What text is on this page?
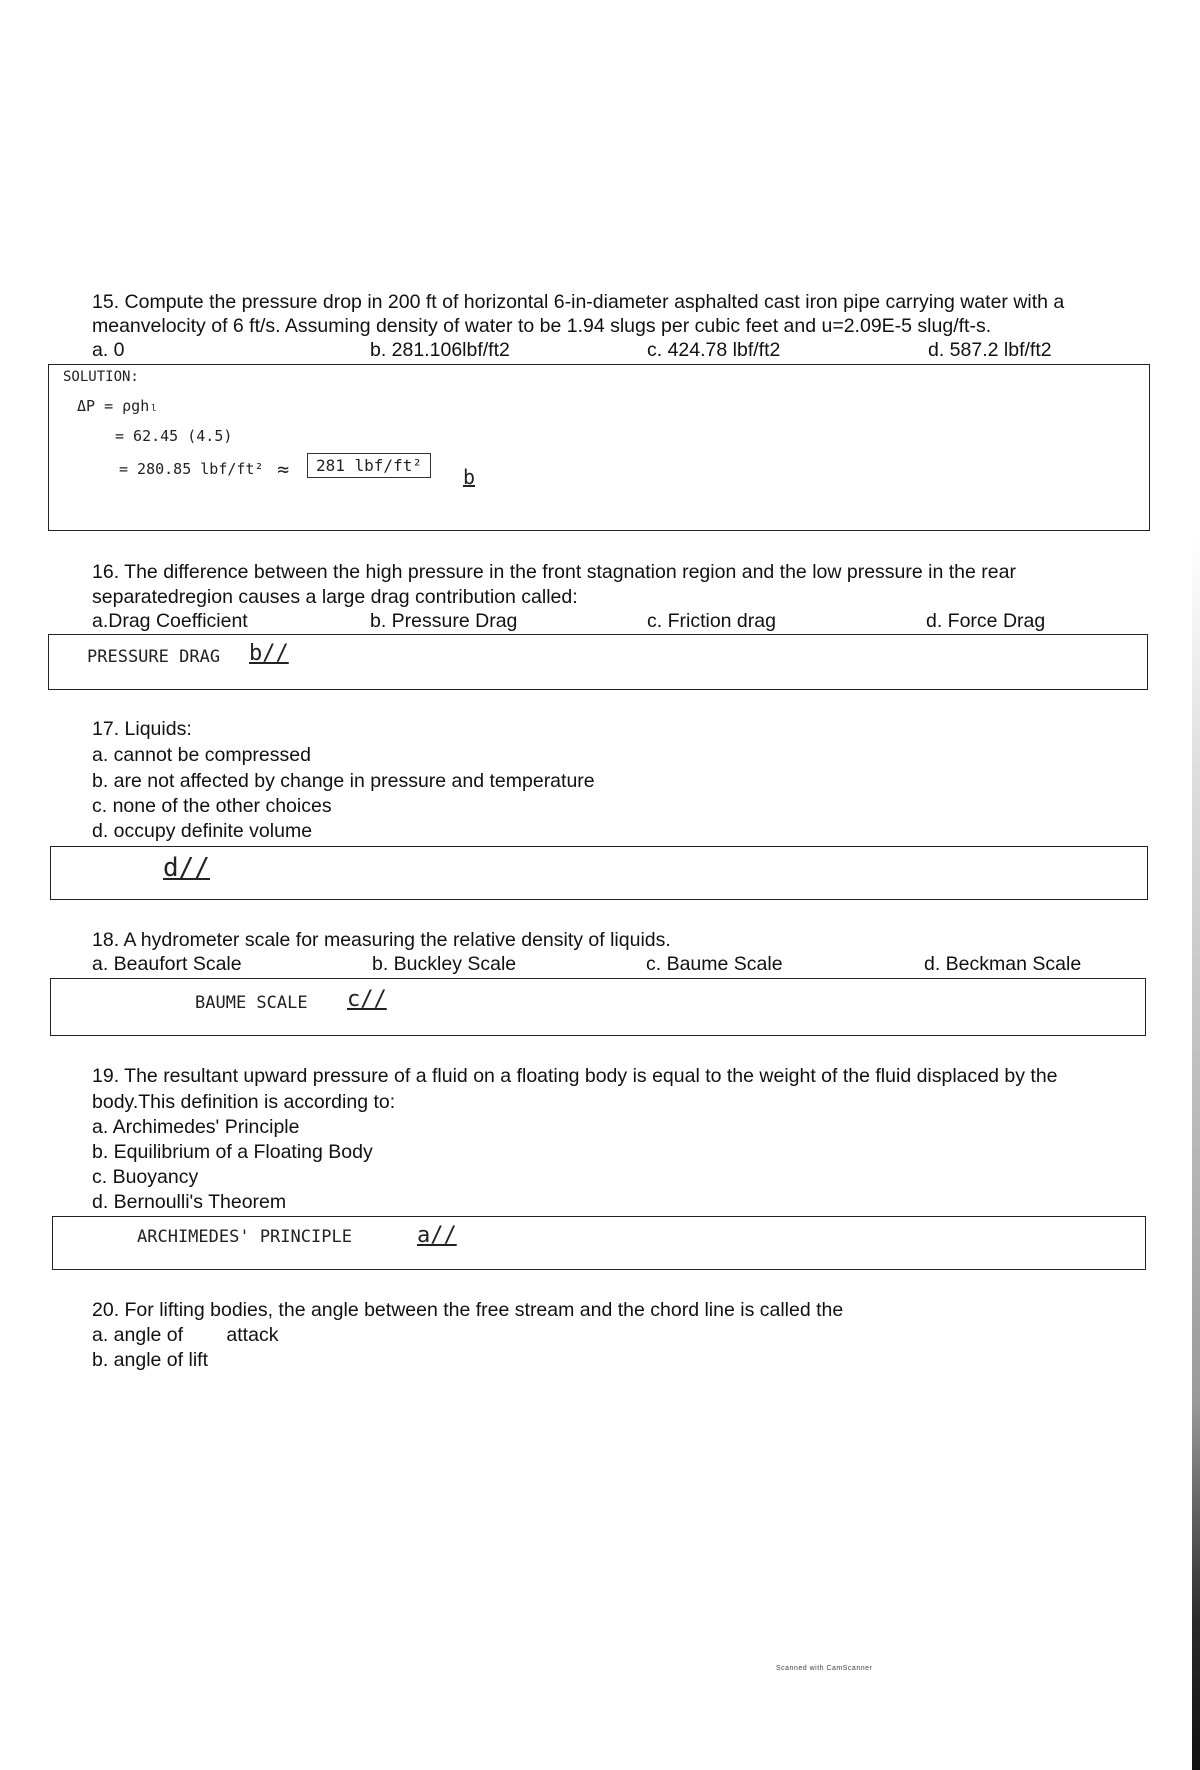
15. Compute the pressure drop in 200 ft of horizontal 6-in-diameter asphalted cast iron pipe carrying water with a
meanvelocity of 6 ft/s. Assuming density of water to be 1.94 slugs per cubic feet and u=2.09E-5 slug/ft-s.
a. 0	b. 281.106lbf/ft2	c. 424.78 lbf/ft2	d. 587.2 lbf/ft2
SOLUTION:
ΔP = ρghₗ
= 62.45 (4.5)
= 280.85 lbf/ft² ≈	281 lbf/ft²	b
16. The difference between the high pressure in the front stagnation region and the low pressure in the rear
separatedregion causes a large drag contribution called:
a.Drag Coefficient	b. Pressure Drag	c. Friction drag	d. Force Drag
PRESSURE DRAG b//
17. Liquids:
a. cannot be compressed
b. are not affected by change in pressure and temperature
c. none of the other choices
d. occupy definite volume
d//
18. A hydrometer scale for measuring the relative density of liquids.
a. Beaufort Scale	b. Buckley Scale	c. Baume Scale	d. Beckman Scale
BAUME SCALE c//
19. The resultant upward pressure of a fluid on a floating body is equal to the weight of the fluid displaced by the
body.This definition is according to:
a. Archimedes' Principle
b. Equilibrium of a Floating Body
c. Buoyancy
d. Bernoulli's Theorem
ARCHIMEDES' PRINCIPLE	a//
20. For lifting bodies, the angle between the free stream and the chord line is called the
a. angle of        attack
b. angle of lift
Scanned with CamScanner
